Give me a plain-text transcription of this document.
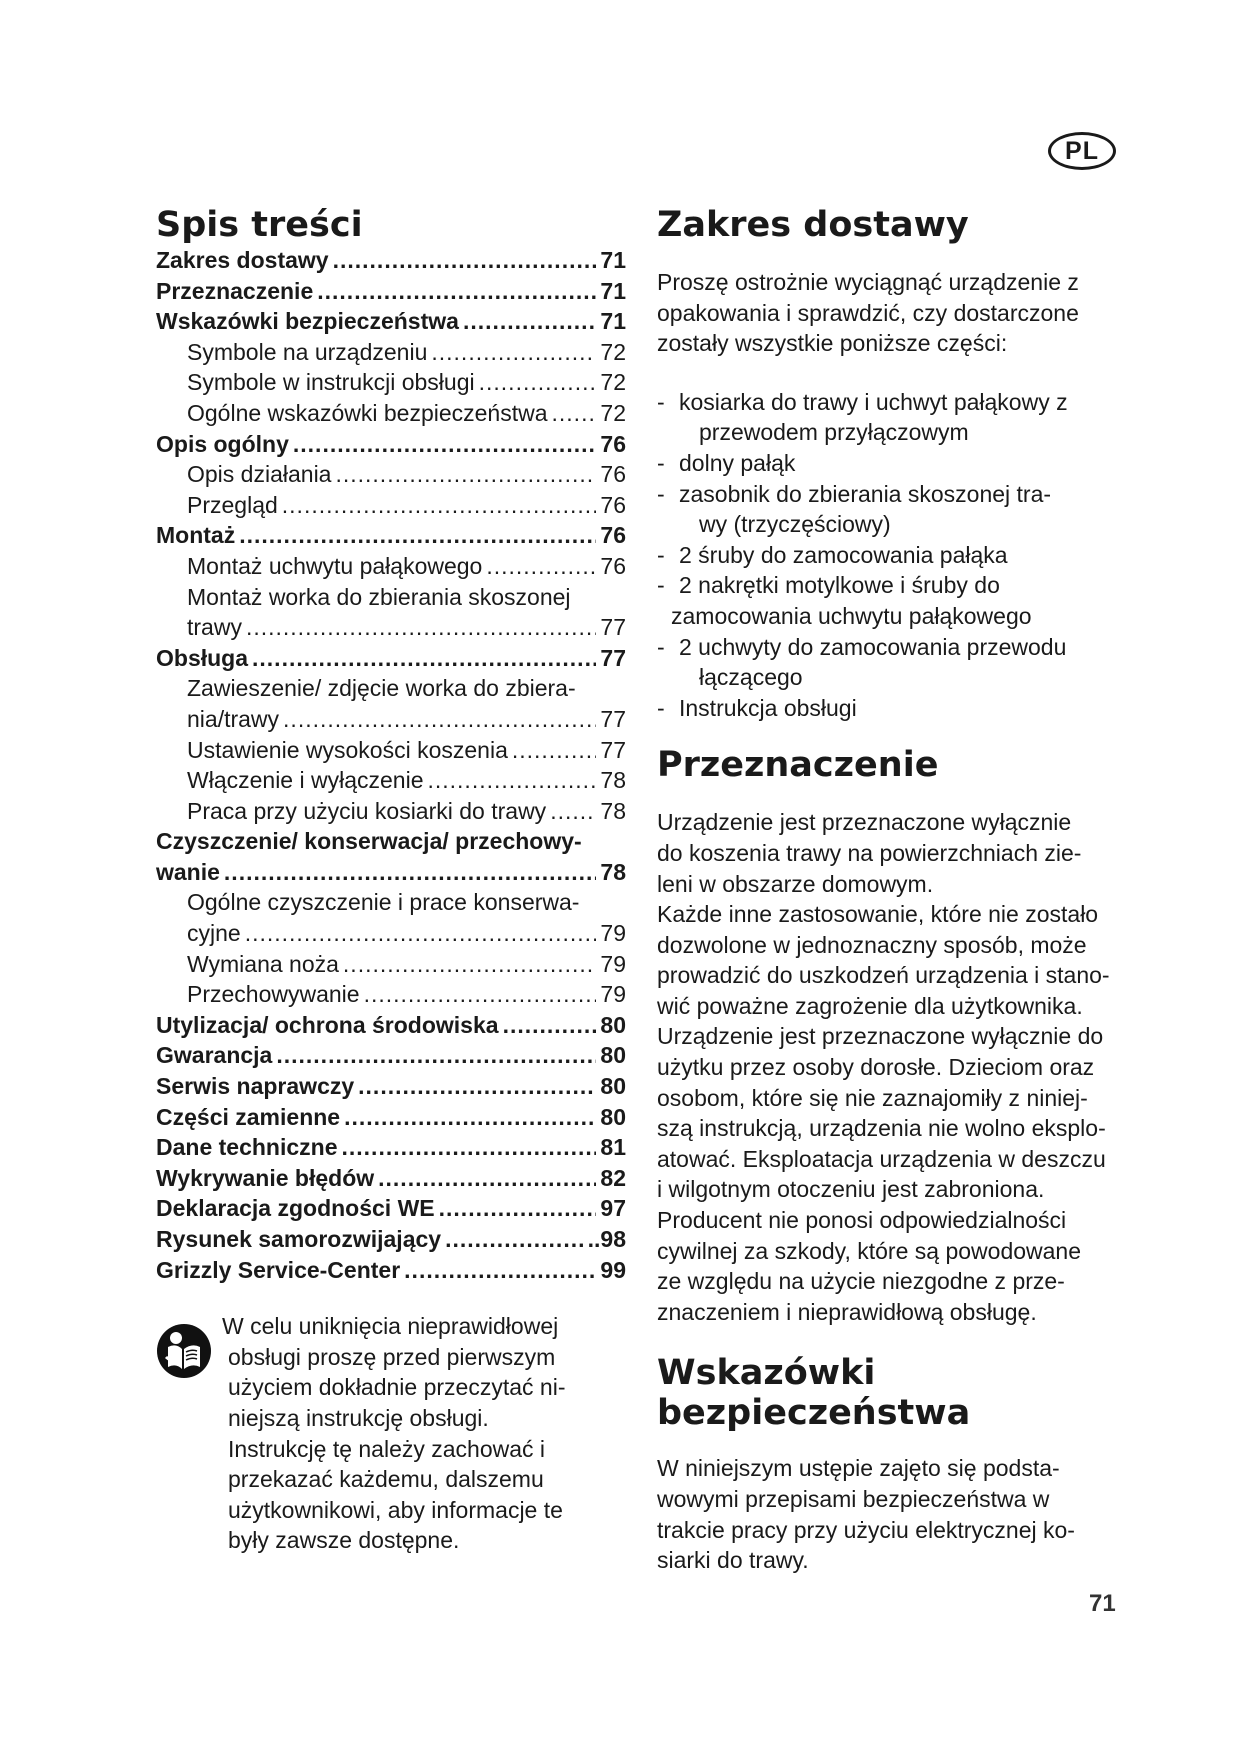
PL
Spis treści
Zakres dostawy .....	71
Przeznaczenie .....	71
Wskazówki bezpieczeństwa .....	71
Symbole na urządzeniu .....	72
Symbole w instrukcji obsługi .....	72
Ogólne wskazówki bezpieczeństwa ..... 72
Opis ogólny .....	76
Opis działania .....	76
Przegląd .....	76
Montaż .....	76
Montaż uchwytu pałąkowego .....	76
Montaż worka do zbierania skoszonej
trawy .....	77
Obsługa .....	77
Zawieszenie/ zdjęcie worka do zbiera-
nia/trawy .....	77
Ustawienie wysokości koszenia .....	77
Włączenie i wyłączenie .....	78
Praca przy użyciu kosiarki do trawy ..... 78
Czyszczenie/ konserwacja/ przechowy-
wanie .....	78
Ogólne czyszczenie i prace konserwa-
cyjne .....	79
Wymiana noża .....	79
Przechowywanie .....	79
Utylizacja/ ochrona środowiska .....	80
Gwarancja .....	80
Serwis naprawczy .....	80
Części zamienne .....	80
Dane techniczne .....	81
Wykrywanie błędów .....	82
Deklaracja zgodności WE .....	97
Rysunek samorozwijający .....	..98
Grizzly Service-Center .....	99
W celu uniknięcia nieprawidłowej
obsługi proszę przed pierwszym
użyciem dokładnie przeczytać ni-
niejszą instrukcję obsługi.
Instrukcję tę należy zachować i
przekazać każdemu, dalszemu
użytkownikowi, aby informacje te
były zawsze dostępne.
Zakres dostawy
Proszę ostrożnie wyciągnąć urządzenie z
opakowania i sprawdzić, czy dostarczone
zostały wszystkie poniższe części:
- kosiarka do trawy i uchwyt pałąkowy z
przewodem przyłączowym
- dolny pałąk
- zasobnik do zbierania skoszonej tra-
wy (trzyczęściowy)
- 2 śruby do zamocowania pałąka
- 2 nakrętki motylkowe i śruby do
zamocowania uchwytu pałąkowego
- 2 uchwyty do zamocowania przewodu
łączącego
- Instrukcja obsługi
Przeznaczenie
Urządzenie jest przeznaczone wyłącznie
do koszenia trawy na powierzchniach zie-
leni w obszarze domowym.
Każde inne zastosowanie, które nie zostało
dozwolone w jednoznaczny sposób, może
prowadzić do uszkodzeń urządzenia i stano-
wić poważne zagrożenie dla użytkownika.
Urządzenie jest przeznaczone wyłącznie do
użytku przez osoby dorosłe. Dzieciom oraz
osobom, które się nie zaznajomiły z niniej-
szą instrukcją, urządzenia nie wolno eksplo-
atować. Eksploatacja urządzenia w deszczu
i wilgotnym otoczeniu jest zabroniona.
Producent nie ponosi odpowiedzialności
cywilnej za szkody, które są powodowane
ze względu na użycie niezgodne z prze-
znaczeniem i nieprawidłową obsługę.
Wskazówki
bezpieczeństwa
W niniejszym ustępie zajęto się podsta-
wowymi przepisami bezpieczeństwa w
trakcie pracy przy użyciu elektrycznej ko-
siarki do trawy.
71
